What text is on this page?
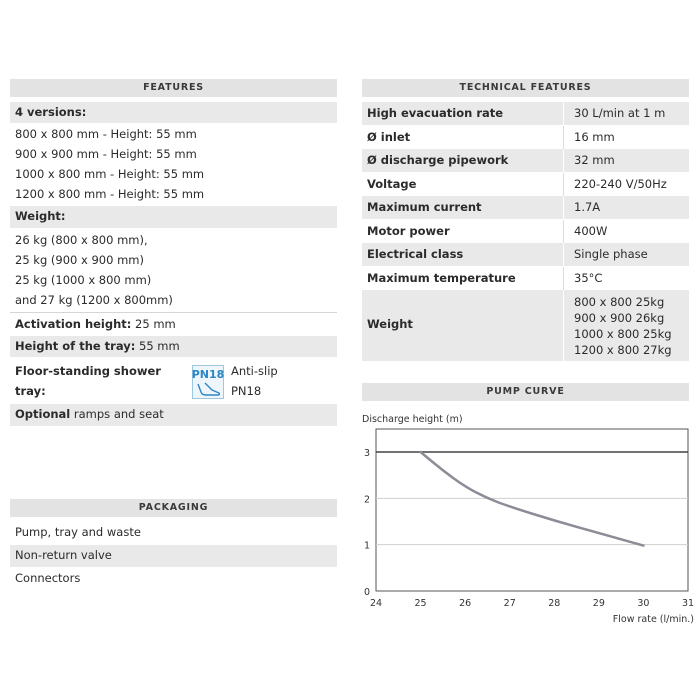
FEATURES
4 versions:
800 x 800 mm - Height: 55 mm
900 x 900 mm - Height: 55 mm
1000 x 800 mm - Height: 55 mm
1200 x 800 mm - Height: 55 mm
Weight:
26 kg (800 x 800 mm),
25 kg (900 x 900 mm)
25 kg (1000 x 800 mm)
and 27 kg (1200 x 800mm)
Activation height: 25 mm
Height of the tray: 55 mm
Floor-standing shower tray:
PN18 Anti-slip
PN18
Optional ramps and seat
PACKAGING
Pump, tray and waste
Non-return valve
Connectors
TECHNICAL FEATURES
High evacuation rate	30 L/min at 1 m
Ø inlet	16 mm
Ø discharge pipework	32 mm
Voltage	220-240 V/50Hz
Maximum current	1.7A
Motor power	400W
Electrical class	Single phase
Maximum temperature	35°C
Weight
800 x 800 25kg
900 x 900 26kg
1000 x 800 25kg
1200 x 800 27kg
PUMP CURVE
Discharge height (m)
0
1
2
3
24	25	26	27	28	29	30	31
Flow rate (l/min.)
